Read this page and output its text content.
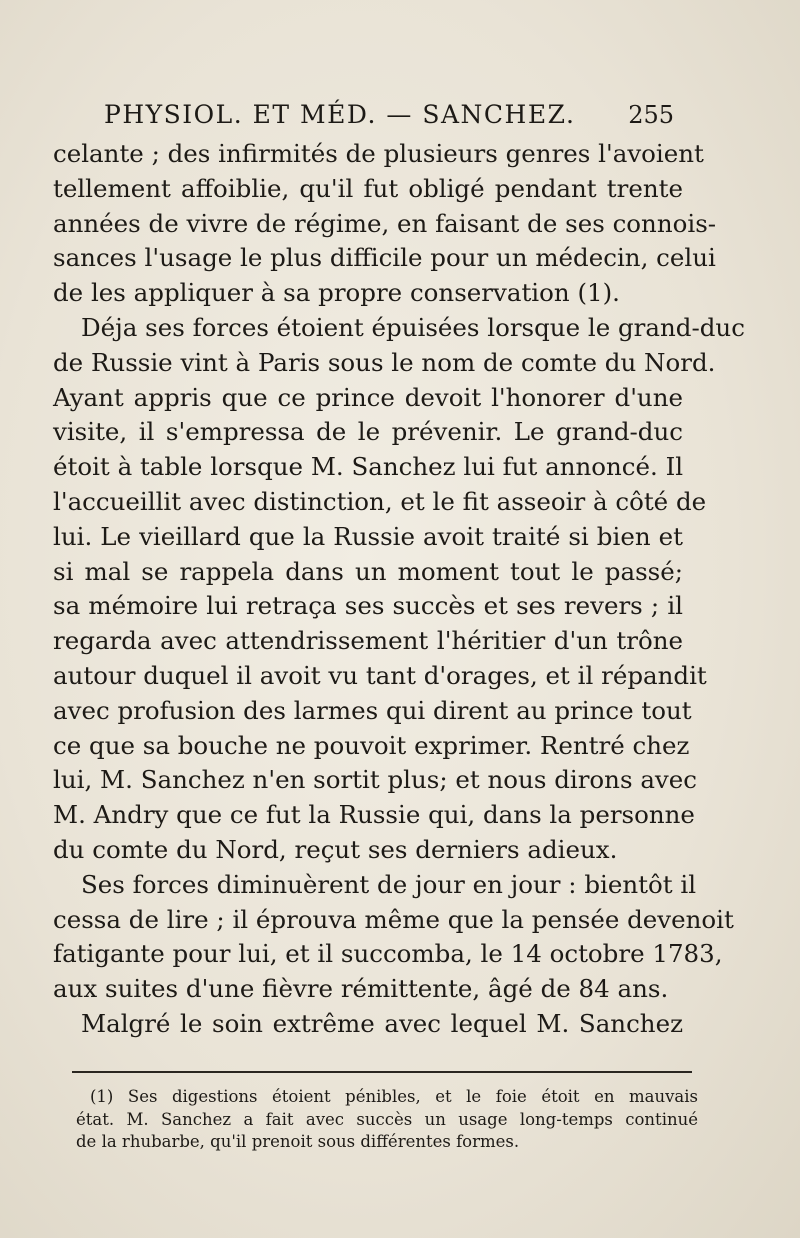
PHYSIOL. ET MÉD. — SANCHEZ. 255
celante ; des infirmités de plusieurs genres l'avoient
tellement affoiblie, qu'il fut obligé pendant trente
années de vivre de régime, en faisant de ses connois-
sances l'usage le plus difficile pour un médecin, celui
de les appliquer à sa propre conservation (1).
Déja ses forces étoient épuisées lorsque le grand-duc
de Russie vint à Paris sous le nom de comte du Nord.
Ayant appris que ce prince devoit l'honorer d'une
visite, il s'empressa de le prévenir. Le grand-duc
étoit à table lorsque M. Sanchez lui fut annoncé. Il
l'accueillit avec distinction, et le fit asseoir à côté de
lui. Le vieillard que la Russie avoit traité si bien et
si mal se rappela dans un moment tout le passé;
sa mémoire lui retraça ses succès et ses revers ; il
regarda avec attendrissement l'héritier d'un trône
autour duquel il avoit vu tant d'orages, et il répandit
avec profusion des larmes qui dirent au prince tout
ce que sa bouche ne pouvoit exprimer. Rentré chez
lui, M. Sanchez n'en sortit plus; et nous dirons avec
M. Andry que ce fut la Russie qui, dans la personne
du comte du Nord, reçut ses derniers adieux.
Ses forces diminuèrent de jour en jour : bientôt il
cessa de lire ; il éprouva même que la pensée devenoit
fatigante pour lui, et il succomba, le 14 octobre 1783,
aux suites d'une fièvre rémittente, âgé de 84 ans.
Malgré le soin extrême avec lequel M. Sanchez
(1) Ses digestions étoient pénibles, et le foie étoit en mauvais
état. M. Sanchez a fait avec succès un usage long-temps continué
de la rhubarbe, qu'il prenoit sous différentes formes.
